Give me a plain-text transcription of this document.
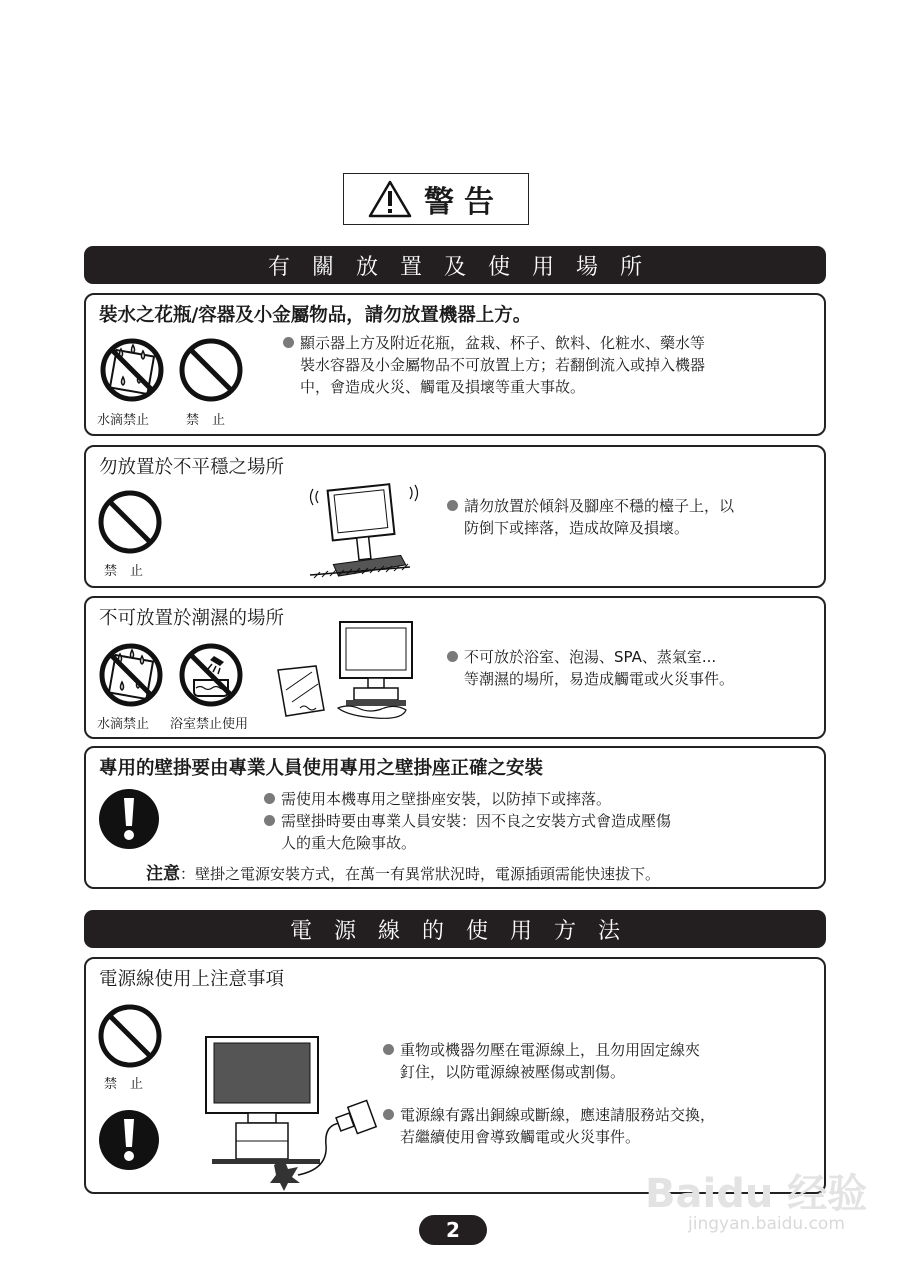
警告
有關放置及使用場所
裝水之花瓶/容器及小金屬物品，請勿放置機器上方。
水滴禁止	禁　止
顯示器上方及附近花瓶，盆栽、杯子、飲料、化粧水、藥水等
裝水容器及小金屬物品不可放置上方；若翻倒流入或掉入機器
中，會造成火災、觸電及損壞等重大事故。
勿放置於不平穩之場所
禁　止
請勿放置於傾斜及腳座不穩的檯子上，以
防倒下或摔落，造成故障及損壞。
不可放置於潮濕的場所
水滴禁止 浴室禁止使用
不可放於浴室、泡湯、SPA、蒸氣室...
等潮濕的場所，易造成觸電或火災事件。
專用的壁掛要由專業人員使用專用之壁掛座正確之安裝
需使用本機專用之壁掛座安裝，以防掉下或摔落。
需壁掛時要由專業人員安裝：因不良之安裝方式會造成壓傷
人的重大危險事故。
注意：壁掛之電源安裝方式，在萬一有異常狀況時，電源插頭需能快速拔下。
電源線的使用方法
電源線使用上注意事項
禁　止
重物或機器勿壓在電源線上，且勿用固定線夾
釘住，以防電源線被壓傷或割傷。
電源線有露出銅線或斷線，應速請服務站交換，
若繼續使用會導致觸電或火災事件。
2
Baidu 经验
jingyan.baidu.com
